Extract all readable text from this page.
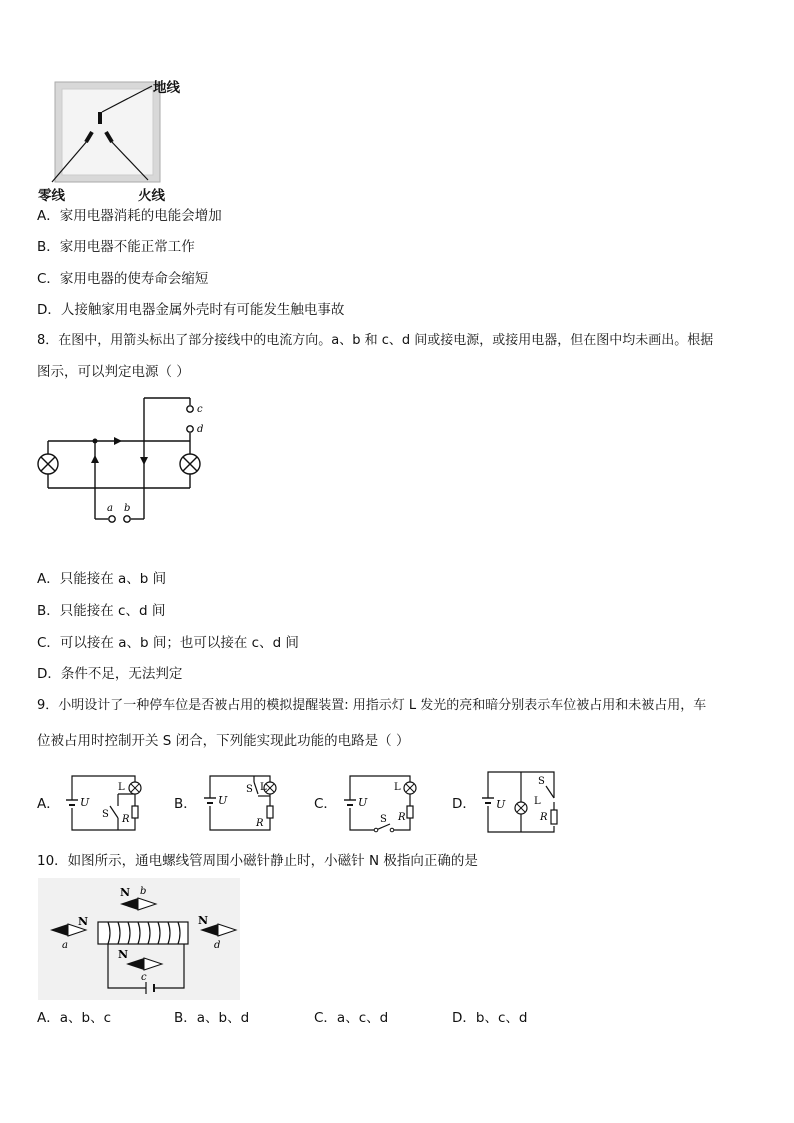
地线
零线	火线
A．家用电器消耗的电能会增加
B．家用电器不能正常工作
C．家用电器的使寿命会缩短
D．人接触家用电器金属外壳时有可能发生触电事故
8．在图中，用箭头标出了部分接线中的电流方向。a、b 和 c、d 间或接电源，或接用电器，但在图中均未画出。根据
图示，可以判定电源（ ）
c
d
a b
A．只能接在 a、b 间
B．只能接在 c、d 间
C．可以接在 a、b 间；也可以接在 c、d 间
D．条件不足，无法判定
9．小明设计了一种停车位是否被占用的模拟提醒装置: 用指示灯 L 发光的亮和暗分别表示车位被占用和未被占用，车
位被占用时控制开关 S 闭合，下列能实现此功能的电路是（ ）
A． U
L
S R
B． U
S L
R
C． U
L
S R
D． U
S
L
R
10．如图所示，通电螺线管周围小磁针静止时，小磁针 N 极指向正确的是
N
a
N b
N
c
N
d
A．a、b、c	B．a、b、d	C．a、c、d	D．b、c、d
